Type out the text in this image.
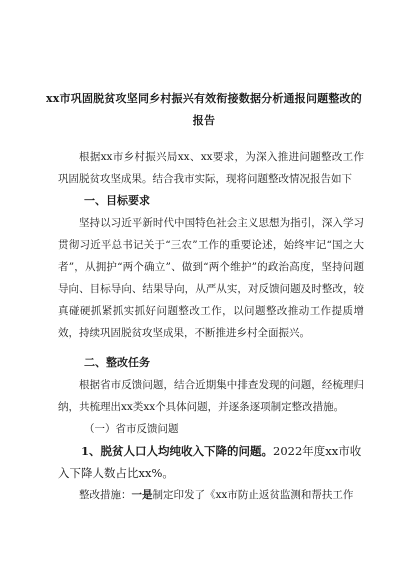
xx市巩固脱贫攻坚同乡村振兴有效衔接数据分析通报问题整改的
报告

根据xx市乡村振兴局xx、xx要求，为深入推进问题整改工作巩固脱贫攻坚成果。结合我市实际，现将问题整改情况报告如下

一、目标要求

坚持以习近平新时代中国特色社会主义思想为指引，深入学习贯彻习近平总书记关于“三农”工作的重要论述，始终牢记“国之大者”，从拥护“两个确立”、做到“两个维护”的政治高度，坚持问题导向、目标导向、结果导向，从严从实，对反馈问题及时整改，较真碰硬抓紧抓实抓好问题整改工作，以问题整改推动工作提质增效，持续巩固脱贫攻坚成果，不断推进乡村全面振兴。

二、整改任务

根据省市反馈问题，结合近期集中排查发现的问题，经梳理归纳，共梳理出xx类xx个具体问题，并逐条逐项制定整改措施。

（一）省市反馈问题

1、脱贫人口人均纯收入下降的问题。2022年度xx市收入下降人数占比xx%。

整改措施：一是制定印发了《xx市防止返贫监测和帮扶工作
